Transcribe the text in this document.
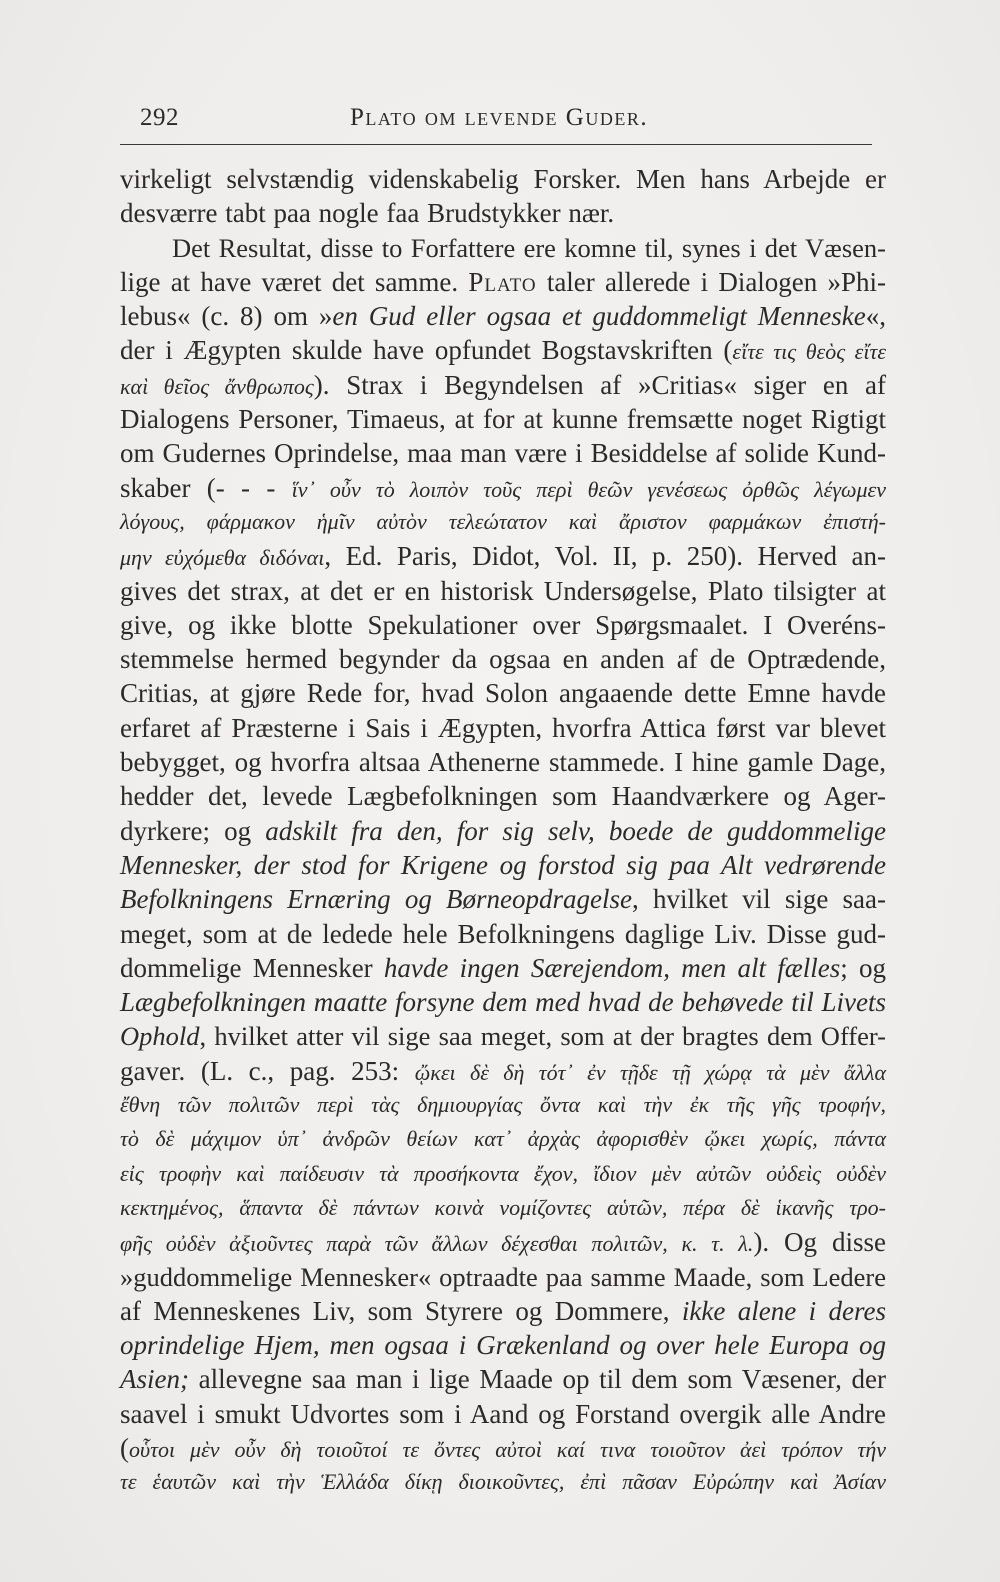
292	Plato om levende Guder.
virkeligt selvstændig videnskabelig Forsker. Men hans Arbejde er
desværre tabt paa nogle faa Brudstykker nær.
Det Resultat, disse to Forfattere ere komne til, synes i det Væsen-
lige at have været det samme. Plato taler allerede i Dialogen »Phi-
lebus« (c. 8) om »en Gud eller ogsaa et guddommeligt Menneske«,
der i Ægypten skulde have opfundet Bogstavskriften (εἴτε τις θεὸς εἴτε
καὶ θεῖος ἄνθρωπος). Strax i Begyndelsen af »Critias« siger en af
Dialogens Personer, Timaeus, at for at kunne fremsætte noget Rigtigt
om Gudernes Oprindelse, maa man være i Besiddelse af solide Kund-
skaber (- - - ἵν᾽ οὖν τὸ λοιπὸν τοῦς περὶ θεῶν γενέσεως ὀρθῶς λέγωμεν
λόγους, φάρμακον ἡμῖν αὐτὸν τελεώτατον καὶ ἄριστον φαρμάκων ἐπιστή-
μην εὐχόμεθα διδόναι, Ed. Paris, Didot, Vol. II, p. 250). Herved an-
gives det strax, at det er en historisk Undersøgelse, Plato tilsigter at
give, og ikke blotte Spekulationer over Spørgsmaalet. I Overéns-
stemmelse hermed begynder da ogsaa en anden af de Optrædende,
Critias, at gjøre Rede for, hvad Solon angaaende dette Emne havde
erfaret af Præsterne i Sais i Ægypten, hvorfra Attica først var blevet
bebygget, og hvorfra altsaa Athenerne stammede. I hine gamle Dage,
hedder det, levede Lægbefolkningen som Haandværkere og Ager-
dyrkere; og adskilt fra den, for sig selv, boede de guddommelige
Mennesker, der stod for Krigene og forstod sig paa Alt vedrørende
Befolkningens Ernæring og Børneopdragelse, hvilket vil sige saa-
meget, som at de ledede hele Befolkningens daglige Liv. Disse gud-
dommelige Mennesker havde ingen Særejendom, men alt fælles; og
Lægbefolkningen maatte forsyne dem med hvad de behøvede til Livets
Ophold, hvilket atter vil sige saa meget, som at der bragtes dem Offer-
gaver. (L. c., pag. 253: ᾤκει δὲ δὴ τότ᾽ ἐν τῇδε τῇ χώρᾳ τὰ μὲν ἄλλα
ἔθνη τῶν πολιτῶν περὶ τὰς δημιουργίας ὄντα καὶ τὴν ἐκ τῆς γῆς τροφήν,
τὸ δὲ μάχιμον ὑπ᾽ ἀνδρῶν θείων κατ᾽ ἀρχὰς ἀφορισθὲν ᾤκει χωρίς, πάντα
εἰς τροφὴν καὶ παίδευσιν τὰ προσήκοντα ἔχον, ἴδιον μὲν αὐτῶν οὐδεὶς οὐδὲν
κεκτημένος, ἅπαντα δὲ πάντων κοινὰ νομίζοντες αὑτῶν, πέρα δὲ ἱκανῆς τρο-
φῆς οὐδὲν ἀξιοῦντες παρὰ τῶν ἄλλων δέχεσθαι πολιτῶν, κ. τ. λ.). Og disse
»guddommelige Mennesker« optraadte paa samme Maade, som Ledere
af Menneskenes Liv, som Styrere og Dommere, ikke alene i deres
oprindelige Hjem, men ogsaa i Grækenland og over hele Europa og
Asien; allevegne saa man i lige Maade op til dem som Væsener, der
saavel i smukt Udvortes som i Aand og Forstand overgik alle Andre
(οὗτοι μὲν οὖν δὴ τοιοῦτοί τε ὄντες αὐτοὶ καί τινα τοιοῦτον ἀεὶ τρόπον τήν
τε ἑαυτῶν καὶ τὴν Ἑλλάδα δίκῃ διοικοῦντες, ἐπὶ πᾶσαν Εὐρώπην καὶ Ἀσίαν
